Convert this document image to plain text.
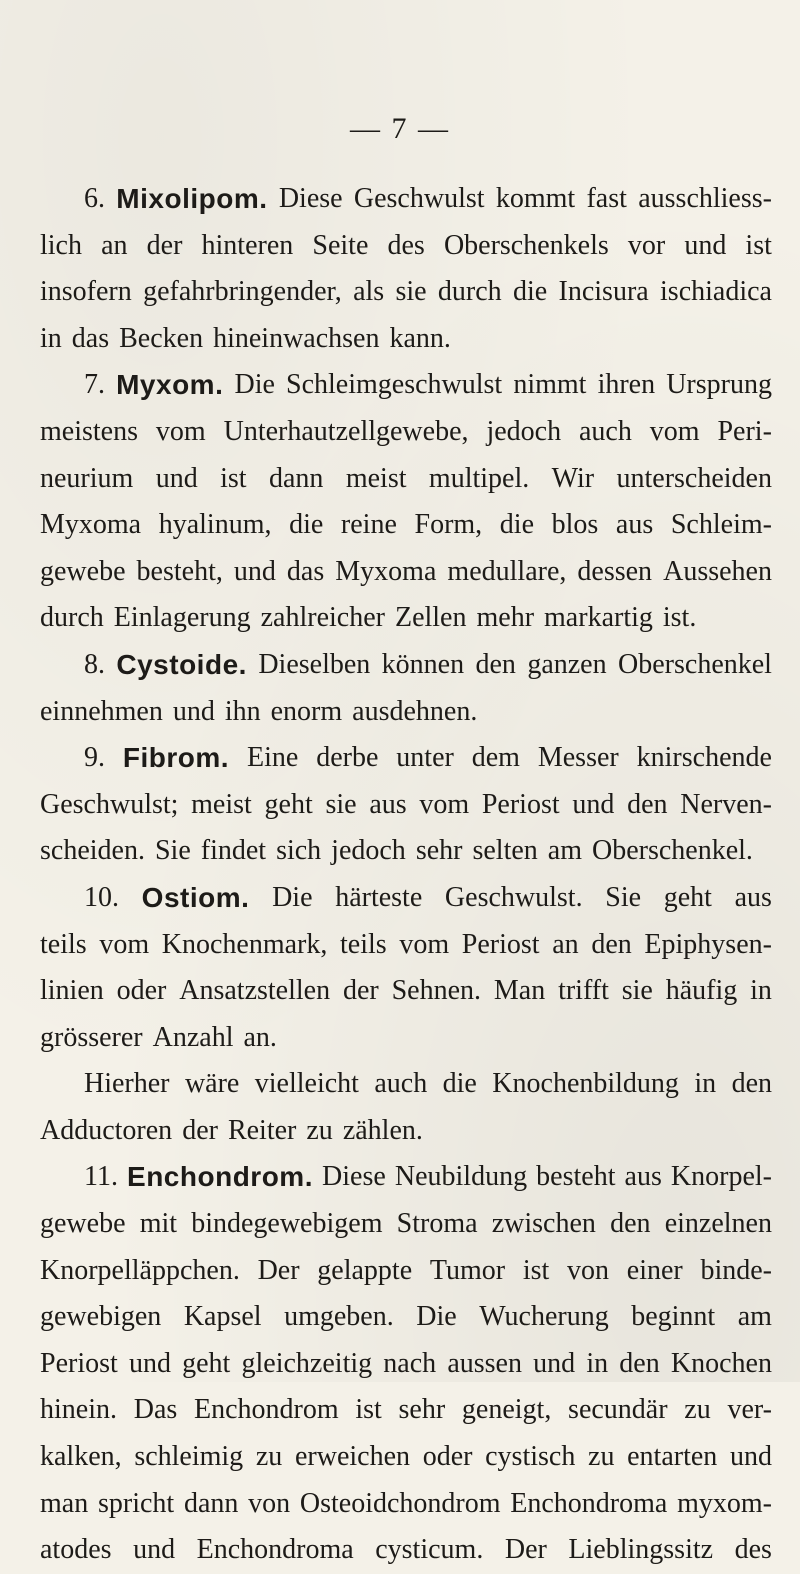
— 7 —
6. Mixolipom. Diese Geschwulst kommt fast ausschliess-
lich an der hinteren Seite des Oberschenkels vor und ist
insofern gefahrbringender, als sie durch die Incisura ischiadica
in das Becken hineinwachsen kann.
7. Myxom. Die Schleimgeschwulst nimmt ihren Ursprung
meistens vom Unterhautzellgewebe, jedoch auch vom Peri-
neurium und ist dann meist multipel. Wir unterscheiden
Myxoma hyalinum, die reine Form, die blos aus Schleim-
gewebe besteht, und das Myxoma medullare, dessen Aussehen
durch Einlagerung zahlreicher Zellen mehr markartig ist.
8. Cystoide. Dieselben können den ganzen Oberschenkel
einnehmen und ihn enorm ausdehnen.
9. Fibrom. Eine derbe unter dem Messer knirschende
Geschwulst; meist geht sie aus vom Periost und den Nerven-
scheiden. Sie findet sich jedoch sehr selten am Oberschenkel.
10. Ostiom. Die härteste Geschwulst. Sie geht aus
teils vom Knochenmark, teils vom Periost an den Epiphysen-
linien oder Ansatzstellen der Sehnen. Man trifft sie häufig in
grösserer Anzahl an.
Hierher wäre vielleicht auch die Knochenbildung in den
Adductoren der Reiter zu zählen.
11. Enchondrom. Diese Neubildung besteht aus Knorpel-
gewebe mit bindegewebigem Stroma zwischen den einzelnen
Knorpelläppchen. Der gelappte Tumor ist von einer binde-
gewebigen Kapsel umgeben. Die Wucherung beginnt am
Periost und geht gleichzeitig nach aussen und in den Knochen
hinein. Das Enchondrom ist sehr geneigt, secundär zu ver-
kalken, schleimig zu erweichen oder cystisch zu entarten und
man spricht dann von Osteoidchondrom Enchondroma myxom-
atodes und Enchondroma cysticum. Der Lieblingssitz des
